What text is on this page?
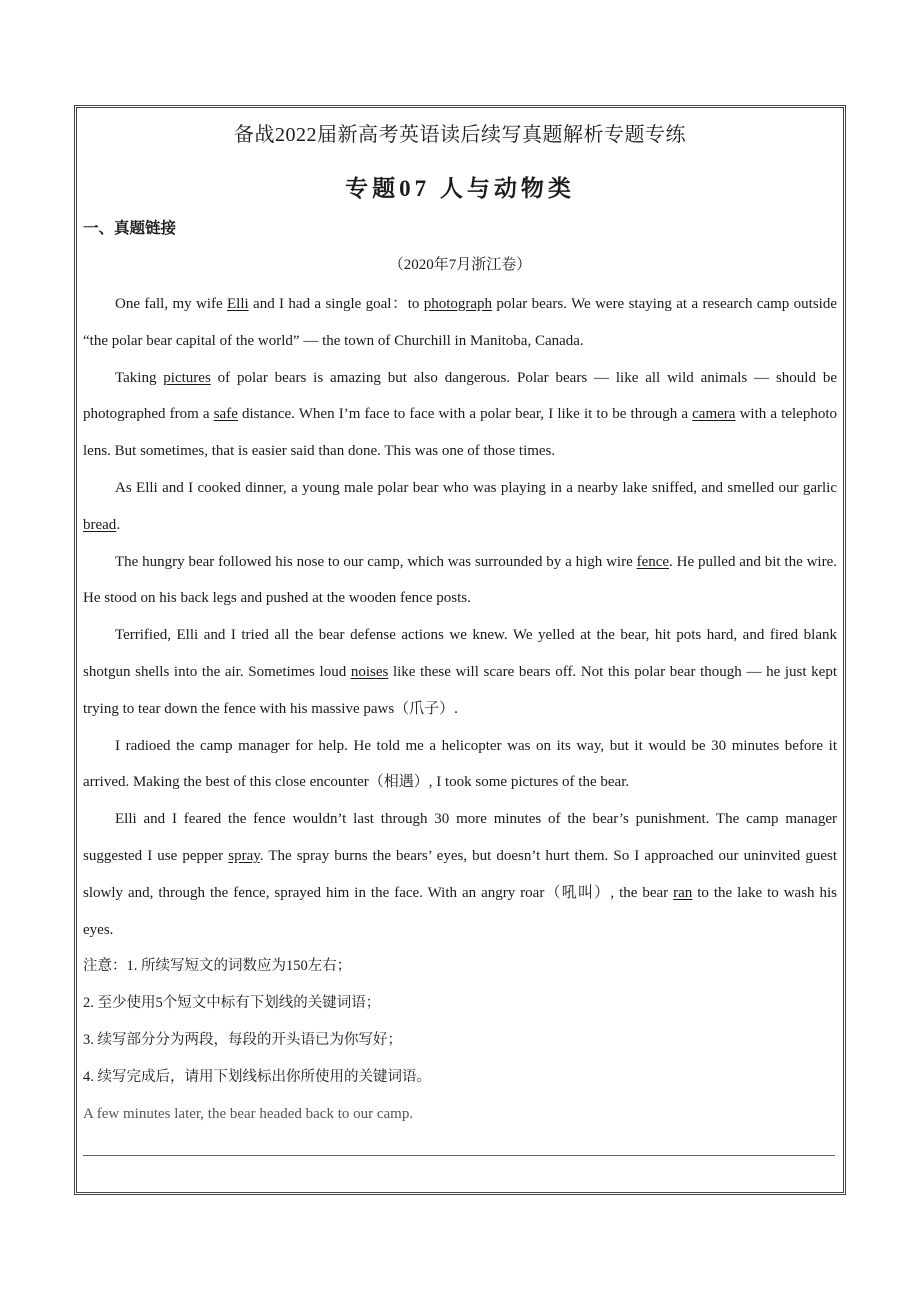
备战2022届新高考英语读后续写真题解析专题专练
专题07 人与动物类
一、真题链接
（2020年7月浙江卷）

One fall, my wife Elli and I had a single goal：to photograph polar bears. We were staying at a research camp outside “the polar bear capital of the world” — the town of Churchill in Manitoba, Canada.

Taking pictures of polar bears is amazing but also dangerous. Polar bears — like all wild animals — should be photographed from a safe distance. When I’m face to face with a polar bear, I like it to be through a camera with a telephoto lens. But sometimes, that is easier said than done. This was one of those times.

As Elli and I cooked dinner, a young male polar bear who was playing in a nearby lake sniffed, and smelled our garlic bread.

The hungry bear followed his nose to our camp, which was surrounded by a high wire fence. He pulled and bit the wire. He stood on his back legs and pushed at the wooden fence posts.

Terrified, Elli and I tried all the bear defense actions we knew. We yelled at the bear, hit pots hard, and fired blank shotgun shells into the air. Sometimes loud noises like these will scare bears off. Not this polar bear though — he just kept trying to tear down the fence with his massive paws（爪子）.

I radioed the camp manager for help. He told me a helicopter was on its way, but it would be 30 minutes before it arrived. Making the best of this close encounter（相遇）, I took some pictures of the bear.

Elli and I feared the fence wouldn’t last through 30 more minutes of the bear’s punishment. The camp manager suggested I use pepper spray. The spray burns the bears’ eyes, but doesn’t hurt them. So I approached our uninvited guest slowly and, through the fence, sprayed him in the face. With an angry roar（吼叫）, the bear ran to the lake to wash his eyes.

注意：1. 所续写短文的词数应为150左右；
2. 至少使用5个短文中标有下划线的关键词语；
3. 续写部分分为两段，每段的开头语已为你写好；
4. 续写完成后，请用下划线标出你所使用的关键词语。
A few minutes later, the bear headed back to our camp.
